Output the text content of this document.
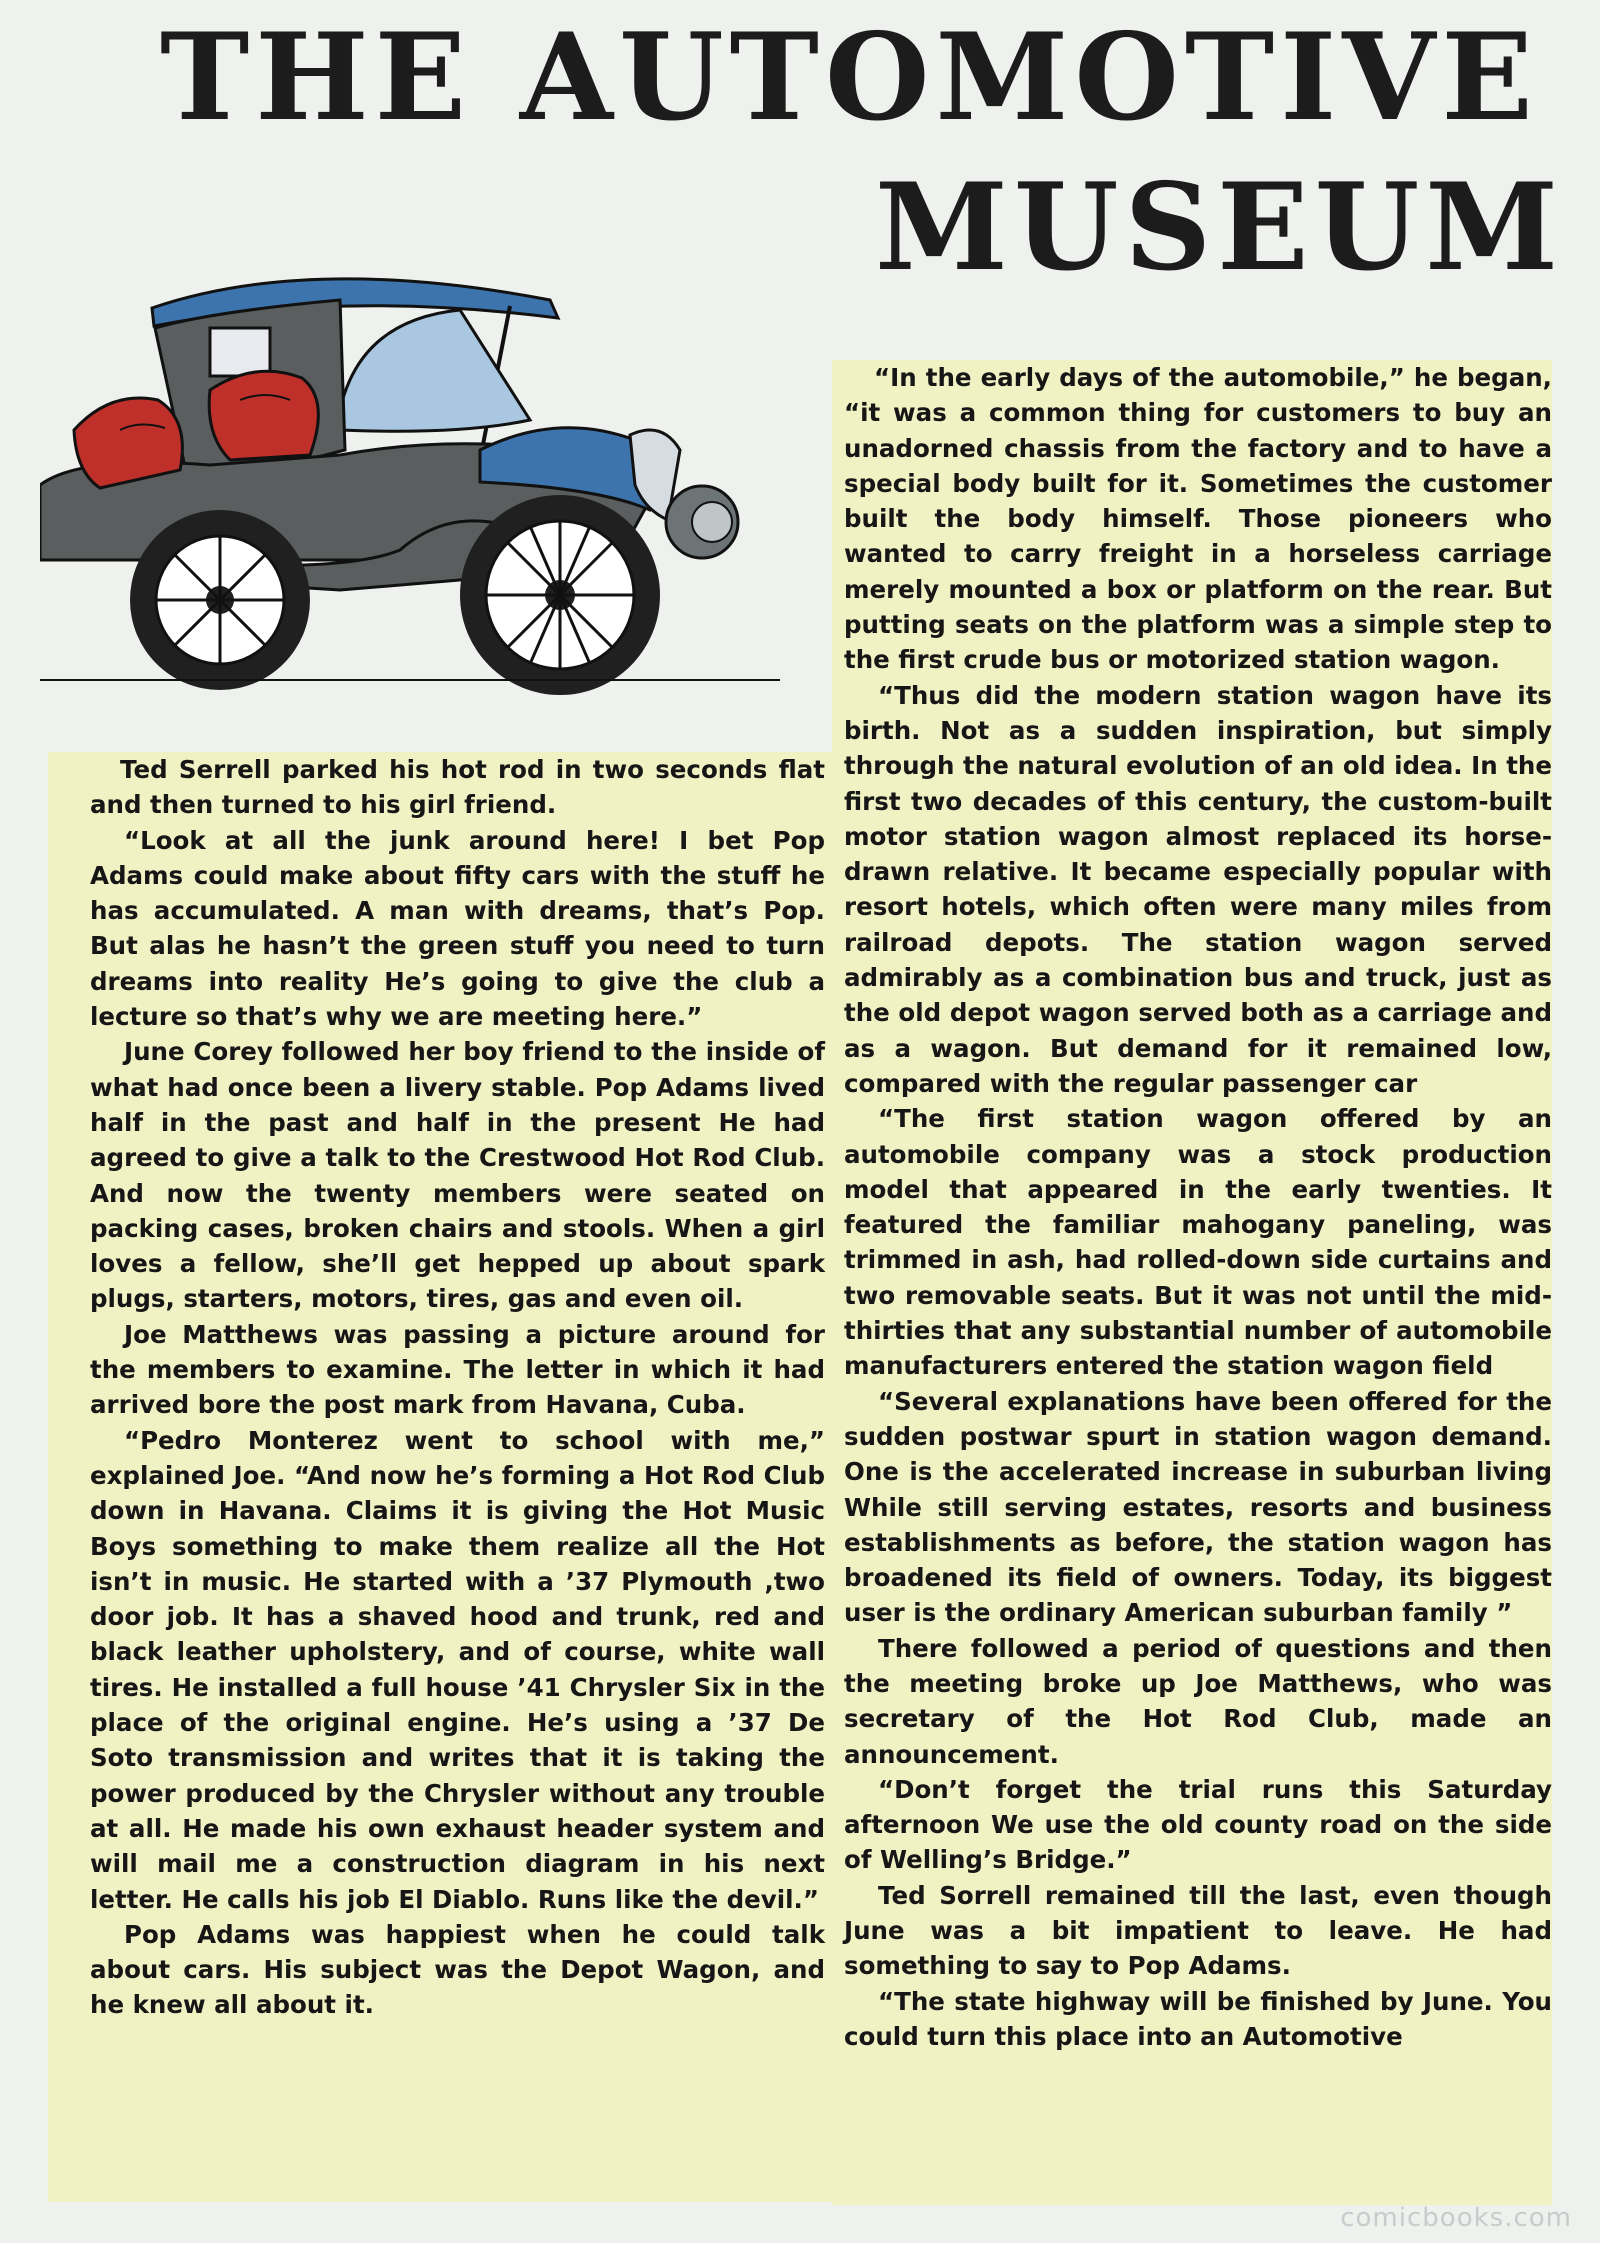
THE AUTOMOTIVE
MUSEUM

Ted Serrell parked his hot rod in two seconds flat and then turned to his girl friend.

“Look at all the junk around here! I bet Pop Adams could make about fifty cars with the stuff he has accumulated. A man with dreams, that’s Pop. But alas he hasn’t the green stuff you need to turn dreams into reality He’s going to give the club a lecture so that’s why we are meeting here.”

June Corey followed her boy friend to the inside of what had once been a livery stable. Pop Adams lived half in the past and half in the present He had agreed to give a talk to the Crestwood Hot Rod Club. And now the twenty members were seated on packing cases, broken chairs and stools. When a girl loves a fellow, she’ll get hepped up about spark plugs, starters, motors, tires, gas and even oil.

Joe Matthews was passing a picture around for the members to examine. The letter in which it had arrived bore the post mark from Havana, Cuba.

“Pedro Monterez went to school with me,” explained Joe. “And now he’s forming a Hot Rod Club down in Havana. Claims it is giving the Hot Music Boys something to make them realize all the Hot isn’t in music. He started with a ’37 Plymouth ,two door job. It has a shaved hood and trunk, red and black leather upholstery, and of course, white wall tires. He installed a full house ’41 Chrysler Six in the place of the original engine. He’s using a ’37 De Soto transmission and writes that it is taking the power produced by the Chrysler without any trouble at all. He made his own exhaust header system and will mail me a construction diagram in his next letter. He calls his job El Diablo. Runs like the devil.”

Pop Adams was happiest when he could talk about cars. His subject was the Depot Wagon, and he knew all about it.

“In the early days of the automobile,” he began, “it was a common thing for customers to buy an unadorned chassis from the factory and to have a special body built for it. Sometimes the customer built the body himself. Those pioneers who wanted to carry freight in a horseless carriage merely mounted a box or platform on the rear. But putting seats on the platform was a simple step to the first crude bus or motorized station wagon.

“Thus did the modern station wagon have its birth. Not as a sudden inspiration, but simply through the natural evolution of an old idea. In the first two decades of this century, the custom-built motor station wagon almost replaced its horse-drawn relative. It became especially popular with resort hotels, which often were many miles from railroad depots. The station wagon served admirably as a combination bus and truck, just as the old depot wagon served both as a carriage and as a wagon. But demand for it remained low, compared with the regular passenger car

“The first station wagon offered by an automobile company was a stock production model that appeared in the early twenties. It featured the familiar mahogany paneling, was trimmed in ash, had rolled-down side curtains and two removable seats. But it was not until the mid-thirties that any substantial number of automobile manufacturers entered the station wagon field

“Several explanations have been offered for the sudden postwar spurt in station wagon demand. One is the accelerated increase in suburban living While still serving estates, resorts and business establishments as before, the station wagon has broadened its field of owners. Today, its biggest user is the ordinary American suburban family ”

There followed a period of questions and then the meeting broke up Joe Matthews, who was secretary of the Hot Rod Club, made an announcement.

“Don’t forget the trial runs this Saturday afternoon We use the old county road on the side of Welling’s Bridge.”

Ted Sorrell remained till the last, even though June was a bit impatient to leave. He had something to say to Pop Adams.

“The state highway will be finished by June. You could turn this place into an Automotive

comicbooks.com
